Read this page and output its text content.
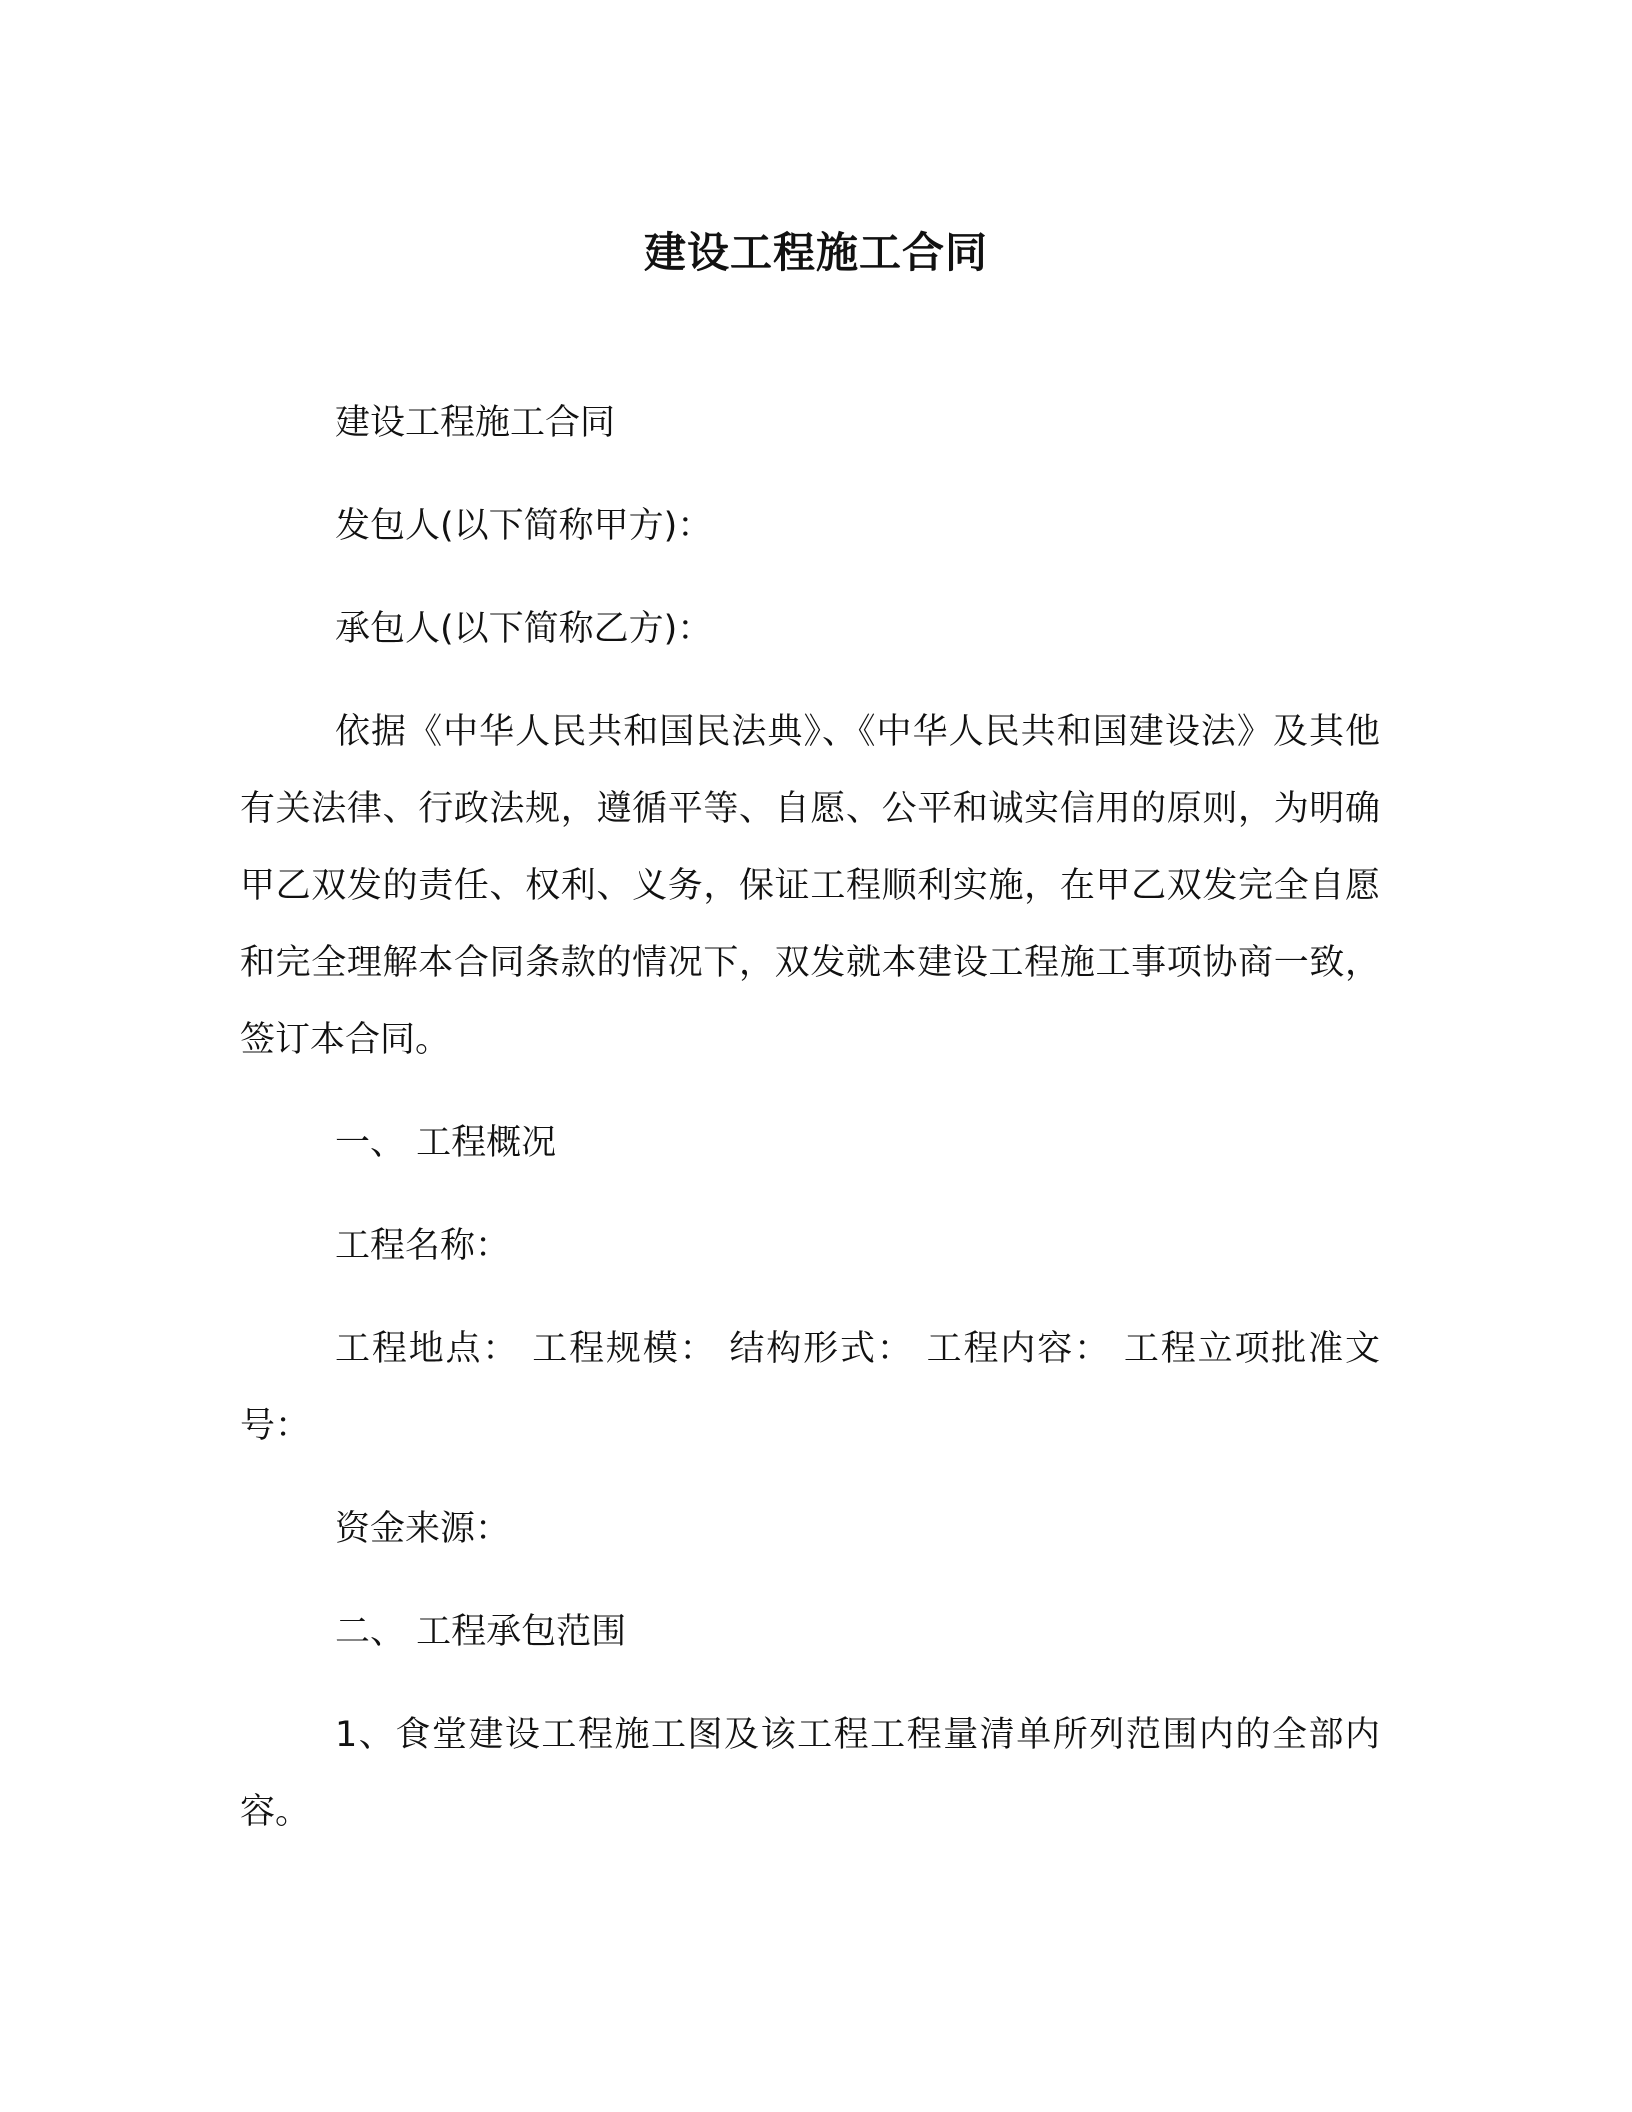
建设工程施工合同

建设工程施工合同

发包人(以下简称甲方)：

承包人(以下简称乙方)：

依据《中华人民共和国民法典》、《中华人民共和国建设法》及其他有关法律、行政法规，遵循平等、自愿、公平和诚实信用的原则，为明确甲乙双发的责任、权利、义务，保证工程顺利实施，在甲乙双发完全自愿和完全理解本合同条款的情况下，双发就本建设工程施工事项协商一致，签订本合同。

一、 工程概况

工程名称：

工程地点： 工程规模： 结构形式： 工程内容： 工程立项批准文号：

资金来源：

二、 工程承包范围

1、食堂建设工程施工图及该工程工程量清单所列范围内的全部内容。
